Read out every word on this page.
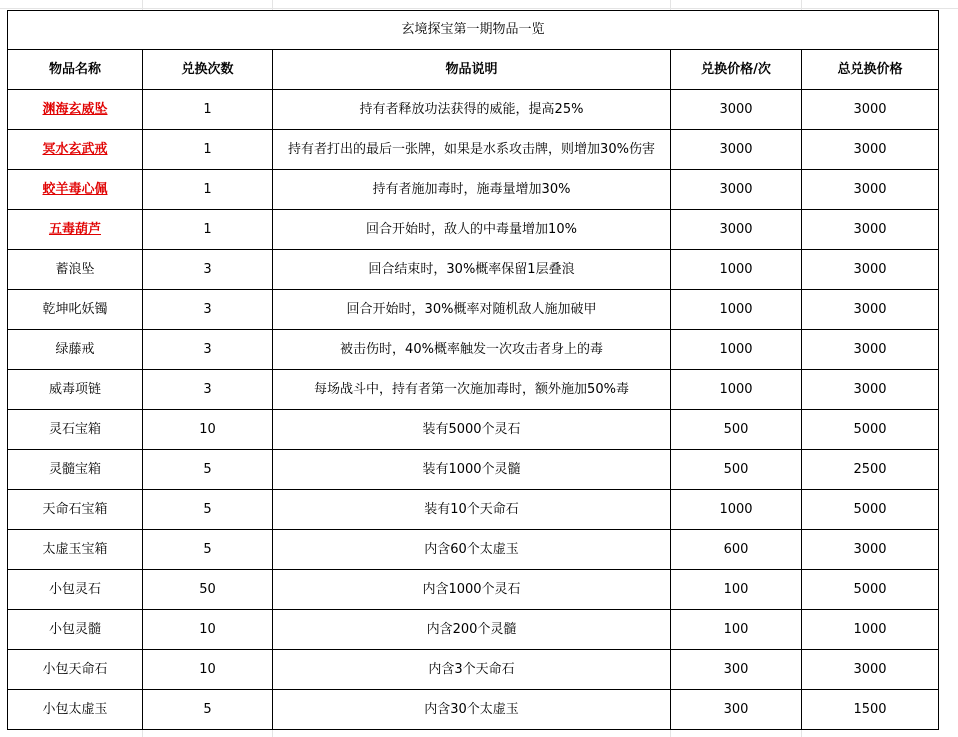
玄境探宝第一期物品一览				
物品名称	兑换次数	物品说明	兑换价格/次	总兑换价格
渊海玄威坠	1	持有者释放功法获得的威能，提高25%	3000	3000
冥水玄武戒	1	持有者打出的最后一张牌，如果是水系攻击牌，则增加30%伤害	3000	3000
蛟羊毒心佩	1	持有者施加毒时，施毒量增加30%	3000	3000
五毒葫芦	1	回合开始时，敌人的中毒量增加10%	3000	3000
蓄浪坠	3	回合结束时，30%概率保留1层叠浪	1000	3000
乾坤叱妖镯	3	回合开始时，30%概率对随机敌人施加破甲	1000	3000
绿藤戒	3	被击伤时，40%概率触发一次攻击者身上的毒	1000	3000
威毒项链	3	每场战斗中，持有者第一次施加毒时，额外施加50%毒	1000	3000
灵石宝箱	10	装有5000个灵石	500	5000
灵髓宝箱	5	装有1000个灵髓	500	2500
天命石宝箱	5	装有10个天命石	1000	5000
太虚玉宝箱	5	内含60个太虚玉	600	3000
小包灵石	50	内含1000个灵石	100	5000
小包灵髓	10	内含200个灵髓	100	1000
小包天命石	10	内含3个天命石	300	3000
小包太虚玉	5	内含30个太虚玉	300	1500
